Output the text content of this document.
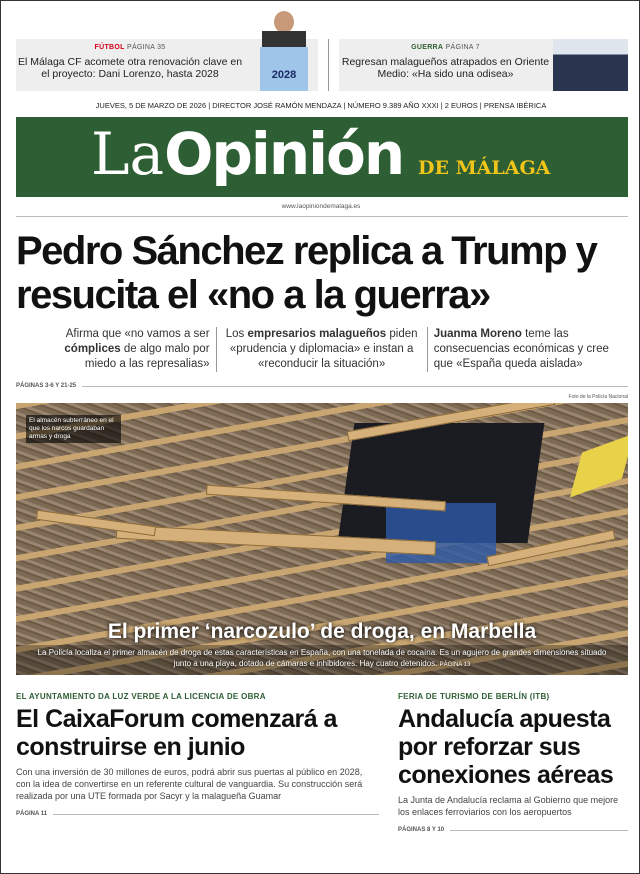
FÚTBOL PÁGINA 35
El Málaga CF acomete otra renovación clave en el proyecto: Dani Lorenzo, hasta 2028	2028
GUERRA PÁGINA 7
Regresan malagueños atrapados en Oriente Medio: «Ha sido una odisea»
JUEVES, 5 DE MARZO DE 2026 | DIRECTOR JOSÉ RAMÓN MENDAZA | NÚMERO 9.389 AÑO XXXI | 2 EUROS | PRENSA IBÉRICA
LaOpinión DE MÁLAGA
www.laopiniondemalaga.es
Pedro Sánchez replica a Trump y resucita el «no a la guerra»
Afirma que «no vamos a ser cómplices de algo malo por miedo a las represalias»
Los empresarios malagueños piden «prudencia y diplomacia» e instan a «reconducir la situación»
Juanma Moreno teme las consecuencias económicas y cree que «España queda aislada»
PÁGINAS 3-6 Y 21-25
Foto de la Policía Nacional
El almacén subterráneo en el que los narcos guardaban armas y droga
El primer ‘narcozulo’ de droga, en Marbella
La Policía localiza el primer almacén de droga de estas características en España, con una tonelada de cocaína. Es un agujero de grandes dimensiones situado junto a una playa, dotado de cámaras e inhibidores. Hay cuatro detenidos. PÁGINA 13
EL AYUNTAMIENTO DA LUZ VERDE A LA LICENCIA DE OBRA
El CaixaForum comenzará a construirse en junio
Con una inversión de 30 millones de euros, podrá abrir sus puertas al público en 2028, con la idea de convertirse en un referente cultural de vanguardia. Su construcción será realizada por una UTE formada por Sacyr y la malagueña Guamar
PÁGINA 11
FERIA DE TURISMO DE BERLÍN (ITB)
Andalucía apuesta por reforzar sus conexiones aéreas
La Junta de Andalucía reclama al Gobierno que mejore los enlaces ferroviarios con los aeropuertos
PÁGINAS 8 Y 10
